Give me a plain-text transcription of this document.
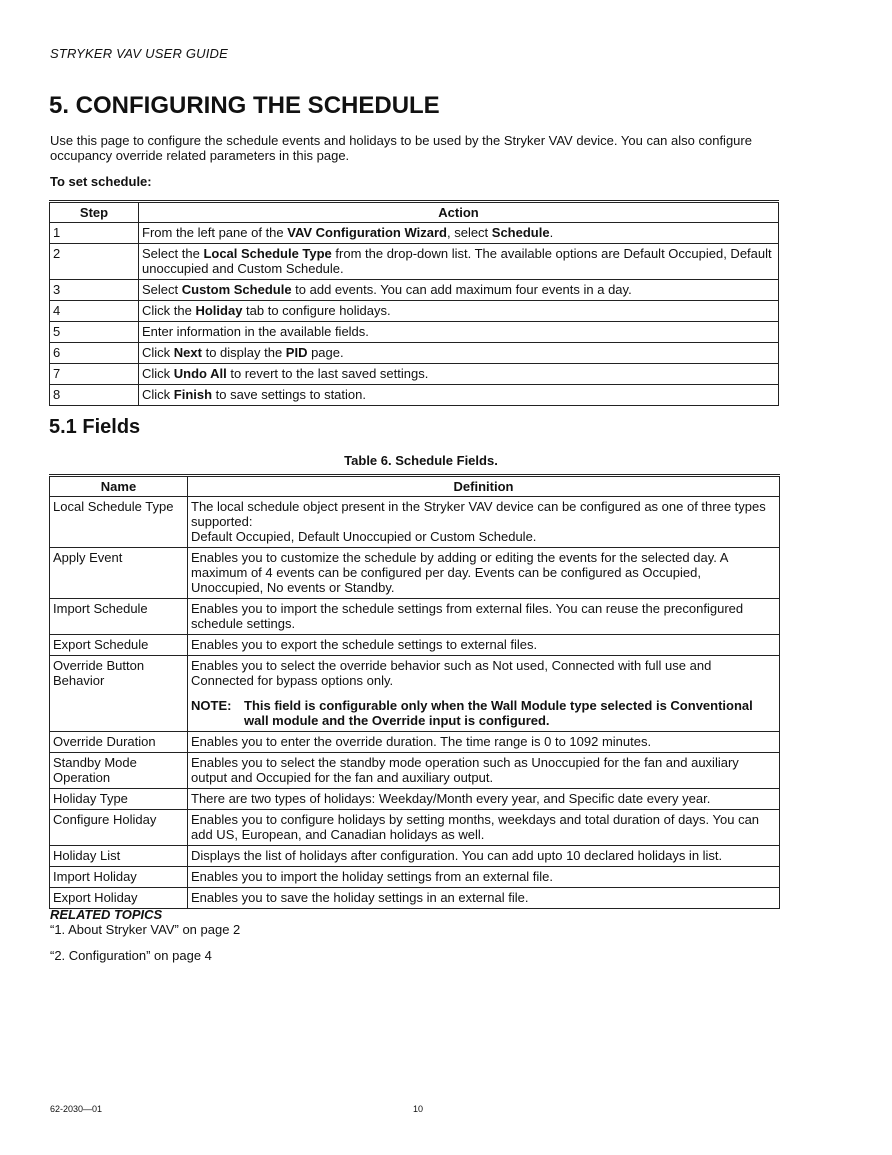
STRYKER VAV USER GUIDE
5. CONFIGURING THE SCHEDULE

Use this page to configure the schedule events and holidays to be used by the Stryker VAV device. You can also configure occupancy override related parameters in this page.

To set schedule:

Step	Action
1	From the left pane of the VAV Configuration Wizard, select Schedule.
2	Select the Local Schedule Type from the drop-down list. The available options are Default Occupied, Default unoccupied and Custom Schedule.
3	Select Custom Schedule to add events. You can add maximum four events in a day.
4	Click the Holiday tab to configure holidays.
5	Enter information in the available fields.
6	Click Next to display the PID page.
7	Click Undo All to revert to the last saved settings.
8	Click Finish to save settings to station.
5.1 Fields

Table 6. Schedule Fields.

Name	Definition
Local Schedule Type	The local schedule object present in the Stryker VAV device can be configured as one of three types supported:
Default Occupied, Default Unoccupied or Custom Schedule.
Apply Event	Enables you to customize the schedule by adding or editing the events for the selected day. A maximum of 4 events can be configured per day. Events can be configured as Occupied, Unoccupied, No events or Standby.
Import Schedule	Enables you to import the schedule settings from external files. You can reuse the preconfigured schedule settings.
Export Schedule	Enables you to export the schedule settings to external files.
Override Button Behavior	Enables you to select the override behavior such as Not used, Connected with full use and Connected for bypass options only.
NOTE: This field is configurable only when the Wall Module type selected is Conventional wall module and the Override input is configured.

Override Duration	Enables you to enter the override duration. The time range is 0 to 1092 minutes.
Standby Mode Operation	Enables you to select the standby mode operation such as Unoccupied for the fan and auxiliary output and Occupied for the fan and auxiliary output.
Holiday Type	There are two types of holidays: Weekday/Month every year, and Specific date every year.
Configure Holiday	Enables you to configure holidays by setting months, weekdays and total duration of days. You can add US, European, and Canadian holidays as well.
Holiday List	Displays the list of holidays after configuration. You can add upto 10 declared holidays in list.
Import Holiday	Enables you to import the holiday settings from an external file.
Export Holiday	Enables you to save the holiday settings in an external file.
RELATED TOPICS
“1. About Stryker VAV” on page 2
“2. Configuration” on page 4
62-2030—01	10
